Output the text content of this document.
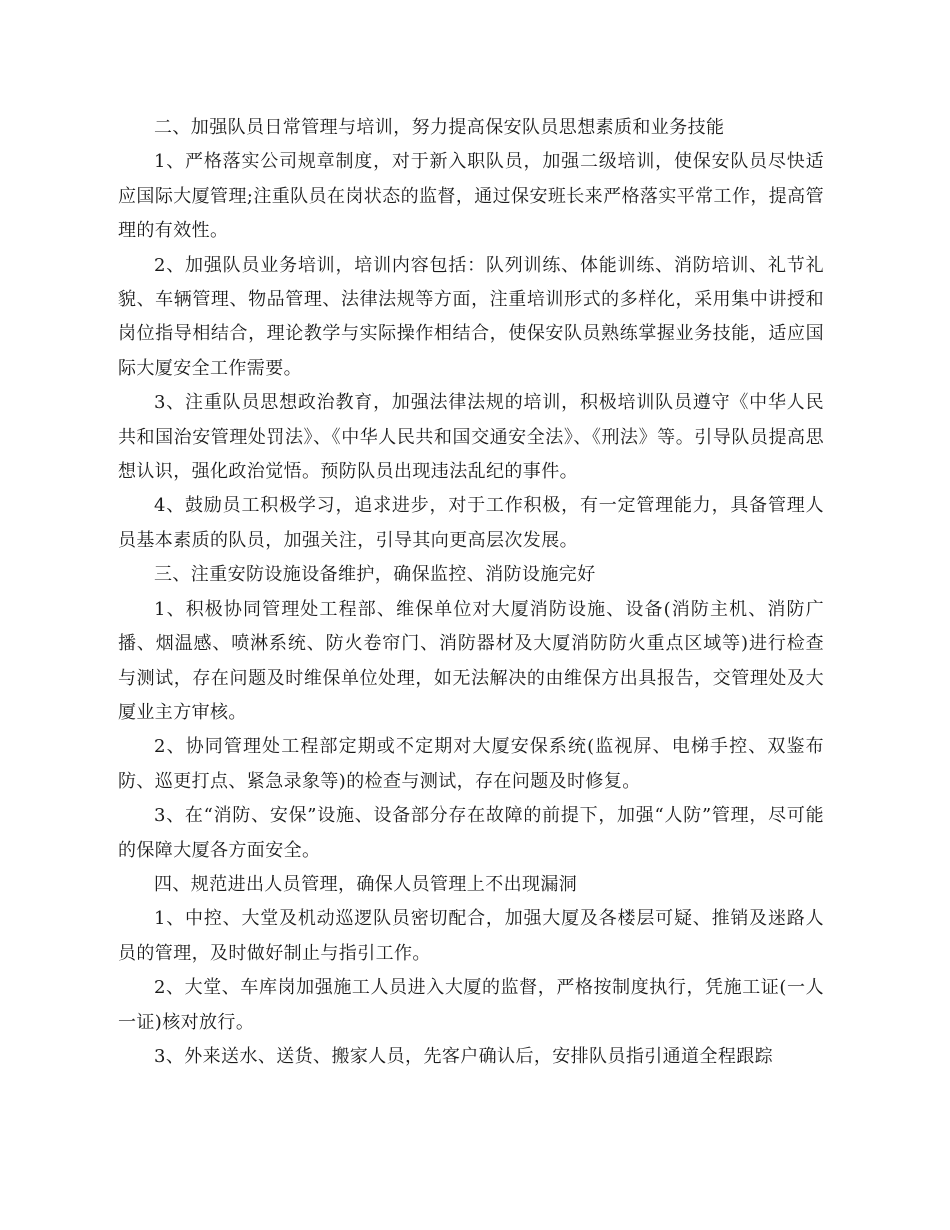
二、加强队员日常管理与培训，努力提高保安队员思想素质和业务技能

1、严格落实公司规章制度，对于新入职队员，加强二级培训，使保安队员尽快适应国际大厦管理;注重队员在岗状态的监督，通过保安班长来严格落实平常工作，提高管理的有效性。

2、加强队员业务培训，培训内容包括：队列训练、体能训练、消防培训、礼节礼貌、车辆管理、物品管理、法律法规等方面，注重培训形式的多样化，采用集中讲授和岗位指导相结合，理论教学与实际操作相结合，使保安队员熟练掌握业务技能，适应国际大厦安全工作需要。

3、注重队员思想政治教育，加强法律法规的培训，积极培训队员遵守《中华人民共和国治安管理处罚法》、《中华人民共和国交通安全法》、《刑法》等。引导队员提高思想认识，强化政治觉悟。预防队员出现违法乱纪的事件。

4、鼓励员工积极学习，追求进步，对于工作积极，有一定管理能力，具备管理人员基本素质的队员，加强关注，引导其向更高层次发展。

三、注重安防设施设备维护，确保监控、消防设施完好

1、积极协同管理处工程部、维保单位对大厦消防设施、设备(消防主机、消防广播、烟温感、喷淋系统、防火卷帘门、消防器材及大厦消防防火重点区域等)进行检查与测试，存在问题及时维保单位处理，如无法解决的由维保方出具报告，交管理处及大厦业主方审核。

2、协同管理处工程部定期或不定期对大厦安保系统(监视屏、电梯手控、双鉴布防、巡更打点、紧急录象等)的检查与测试，存在问题及时修复。

3、在“消防、安保”设施、设备部分存在故障的前提下，加强“人防”管理，尽可能的保障大厦各方面安全。

四、规范进出人员管理，确保人员管理上不出现漏洞

1、中控、大堂及机动巡逻队员密切配合，加强大厦及各楼层可疑、推销及迷路人员的管理，及时做好制止与指引工作。

2、大堂、车库岗加强施工人员进入大厦的监督，严格按制度执行，凭施工证(一人一证)核对放行。

3、外来送水、送货、搬家人员，先客户确认后，安排队员指引通道全程跟踪
